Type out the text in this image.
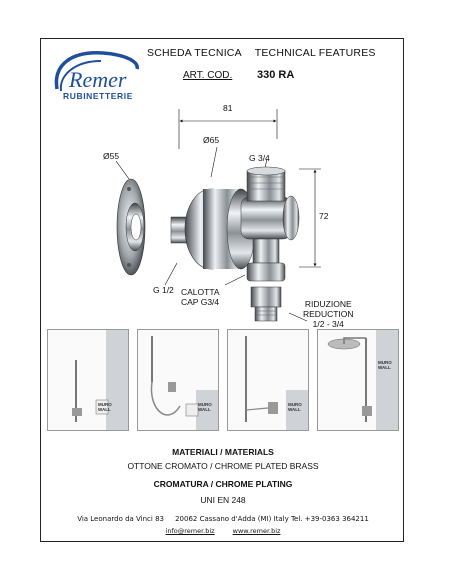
Remer
RUBINETTERIE
SCHEDA TECNICA TECHNICAL FEATURES
ART. COD. 330 RA
81
Ø65
Ø55	G 3/4
72
G 1/2 CALOTTA
CAP G3/4	RIDUZIONE
REDUCTION
1/2 - 3/4
MURO
WALL
MURO
WALL
MURO
WALL
MURO
WALL
MATERIALI / MATERIALS
OTTONE CROMATO / CHROME PLATED BRASS
CROMATURA / CHROME PLATING
UNI EN 248
Via Leonardo da Vinci 83     20062 Cassano d'Adda (MI) Italy Tel. +39-0363 364211
info@remer.biz	www.remer.biz
